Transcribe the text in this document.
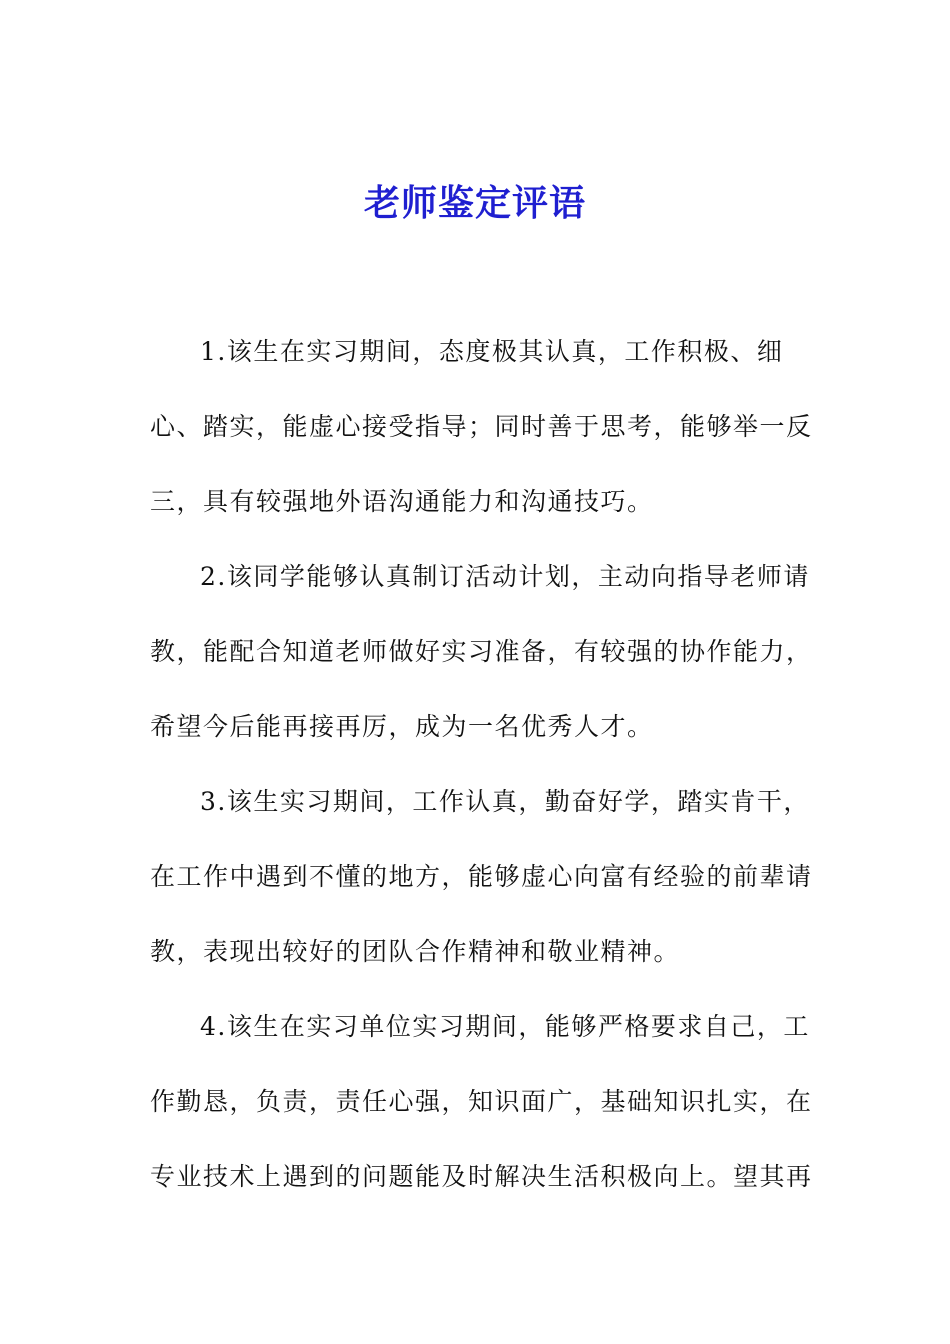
老师鉴定评语
1.该生在实习期间，态度极其认真，工作积极、细
心、踏实，能虚心接受指导；同时善于思考，能够举一反
三，具有较强地外语沟通能力和沟通技巧。
2.该同学能够认真制订活动计划，主动向指导老师请
教，能配合知道老师做好实习准备，有较强的协作能力，
希望今后能再接再厉，成为一名优秀人才。
3.该生实习期间，工作认真，勤奋好学，踏实肯干，
在工作中遇到不懂的地方，能够虚心向富有经验的前辈请
教，表现出较好的团队合作精神和敬业精神。
4.该生在实习单位实习期间，能够严格要求自己，工
作勤恳，负责，责任心强，知识面广，基础知识扎实，在
专业技术上遇到的问题能及时解决生活积极向上。望其再
